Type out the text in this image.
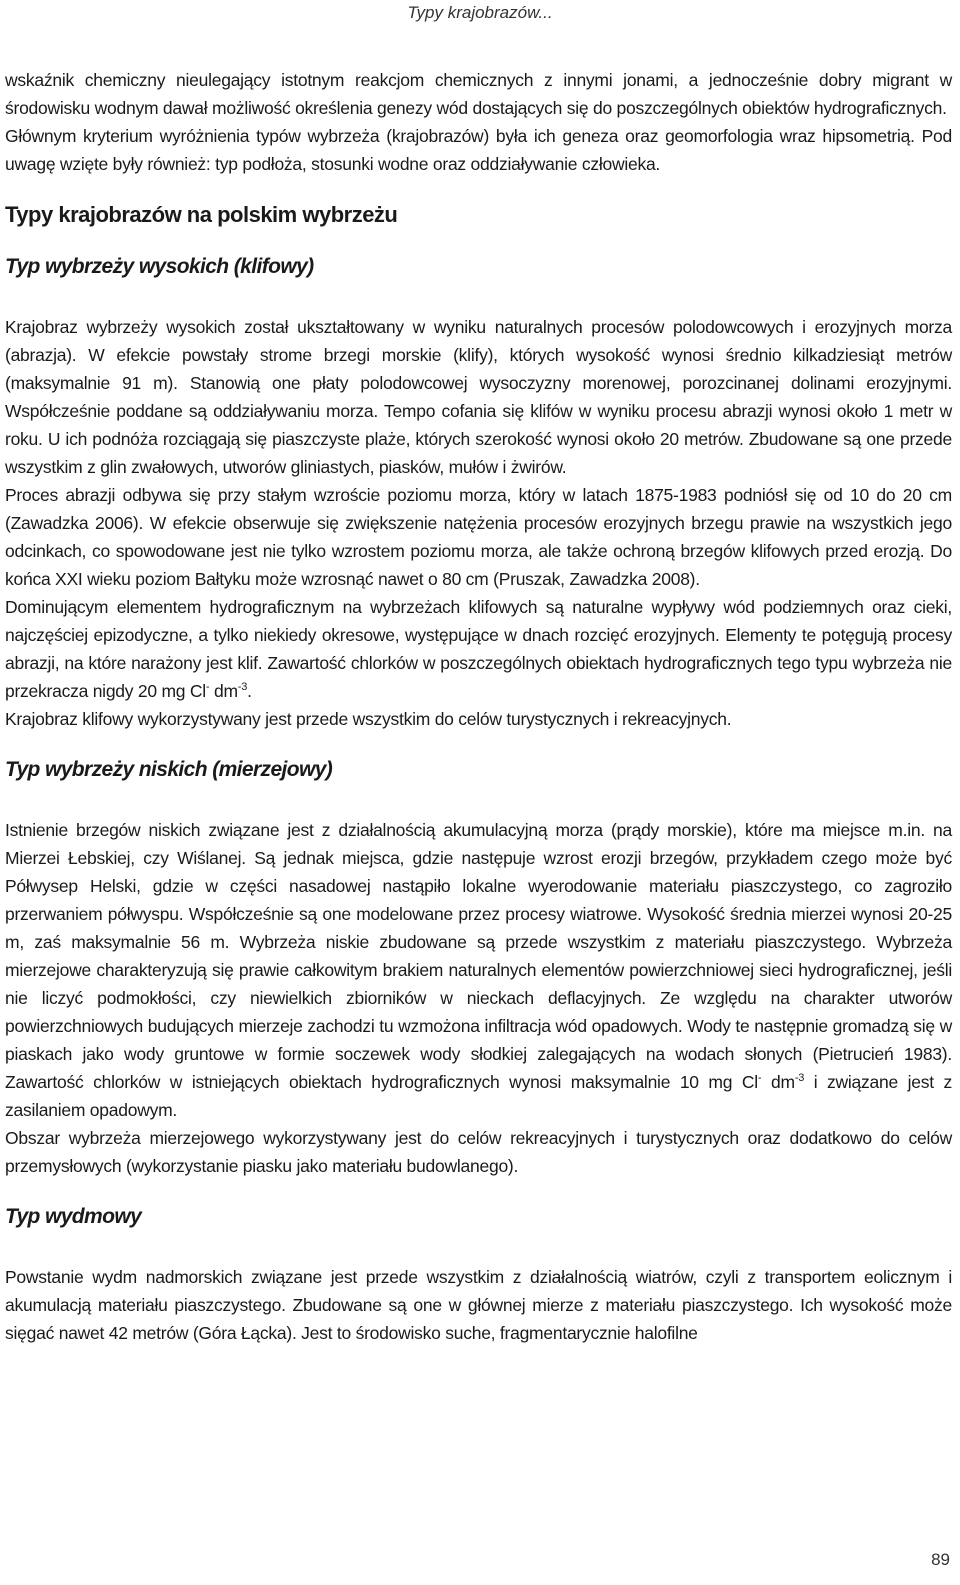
Typy krajobrazów...

wskaźnik chemiczny nieulegający istotnym reakcjom chemicznych z innymi jonami, a jednocześnie dobry migrant w środowisku wodnym dawał możliwość określenia genezy wód dostających się do poszczególnych obiektów hydrograficznych.

Głównym kryterium wyróżnienia typów wybrzeża (krajobrazów) była ich geneza oraz geomorfologia wraz hipsometrią. Pod uwagę wzięte były również: typ podłoża, stosunki wodne oraz oddziaływanie człowieka.

Typy krajobrazów na polskim wybrzeżu
Typ wybrzeży wysokich (klifowy)

Krajobraz wybrzeży wysokich został ukształtowany w wyniku naturalnych procesów polodowcowych i erozyjnych morza (abrazja). W efekcie powstały strome brzegi morskie (klify), których wysokość wynosi średnio kilkadziesiąt metrów (maksymalnie 91 m). Stanowią one płaty polodowcowej wysoczyzny morenowej, porozcinanej dolinami erozyjnymi. Współcześnie poddane są oddziaływaniu morza. Tempo cofania się klifów w wyniku procesu abrazji wynosi około 1 metr w roku. U ich podnóża rozciągają się piaszczyste plaże, których szerokość wynosi około 20 metrów. Zbudowane są one przede wszystkim z glin zwałowych, utworów gliniastych, piasków, mułów i żwirów.

Proces abrazji odbywa się przy stałym wzroście poziomu morza, który w latach 1875-1983 podniósł się od 10 do 20 cm (Zawadzka 2006). W efekcie obserwuje się zwiększenie natężenia procesów erozyjnych brzegu prawie na wszystkich jego odcinkach, co spowodowane jest nie tylko wzrostem poziomu morza, ale także ochroną brzegów klifowych przed erozją. Do końca XXI wieku poziom Bałtyku może wzrosnąć nawet o 80 cm (Pruszak, Zawadzka 2008).

Dominującym elementem hydrograficznym na wybrzeżach klifowych są naturalne wypływy wód podziemnych oraz cieki, najczęściej epizodyczne, a tylko niekiedy okresowe, występujące w dnach rozcięć erozyjnych. Elementy te potęgują procesy abrazji, na które narażony jest klif. Zawartość chlorków w poszczególnych obiektach hydrograficznych tego typu wybrzeża nie przekracza nigdy 20 mg Cl- $dm^{-3}$.

Krajobraz klifowy wykorzystywany jest przede wszystkim do celów turystycznych i rekreacyjnych.

Typ wybrzeży niskich (mierzejowy)

Istnienie brzegów niskich związane jest z działalnością akumulacyjną morza (prądy morskie), które ma miejsce m.in. na Mierzei Łebskiej, czy Wiślanej. Są jednak miejsca, gdzie następuje wzrost erozji brzegów, przykładem czego może być Półwysep Helski, gdzie w części nasadowej nastąpiło lokalne wyerodowanie materiału piaszczystego, co zagroziło przerwaniem półwyspu. Współcześnie są one modelowane przez procesy wiatrowe. Wysokość średnia mierzei wynosi 20-25 m, zaś maksymalnie 56 m. Wybrzeża niskie zbudowane są przede wszystkim z materiału piaszczystego. Wybrzeża mierzejowe charakteryzują się prawie całkowitym brakiem naturalnych elementów powierzchniowej sieci hydrograficznej, jeśli nie liczyć podmokłości, czy niewielkich zbiorników w nieckach deflacyjnych. Ze względu na charakter utworów powierzchniowych budujących mierzeje zachodzi tu wzmożona infiltracja wód opadowych. Wody te następnie gromadzą się w piaskach jako wody gruntowe w formie soczewek wody słodkiej zalegających na wodach słonych (Pietrucień 1983). Zawartość chlorków w istniejących obiektach hydrograficznych wynosi maksymalnie 10 mg Cl- $dm^{-3}$ i związane jest z zasilaniem opadowym.

Obszar wybrzeża mierzejowego wykorzystywany jest do celów rekreacyjnych i turystycznych oraz dodatkowo do celów przemysłowych (wykorzystanie piasku jako materiału budowlanego).

Typ wydmowy

Powstanie wydm nadmorskich związane jest przede wszystkim z działalnością wiatrów, czyli z transportem eolicznym i akumulacją materiału piaszczystego. Zbudowane są one w głównej mierze z materiału piaszczystego. Ich wysokość może sięgać nawet 42 metrów (Góra Łącka). Jest to środowisko suche, fragmentarycznie halofilne

89
